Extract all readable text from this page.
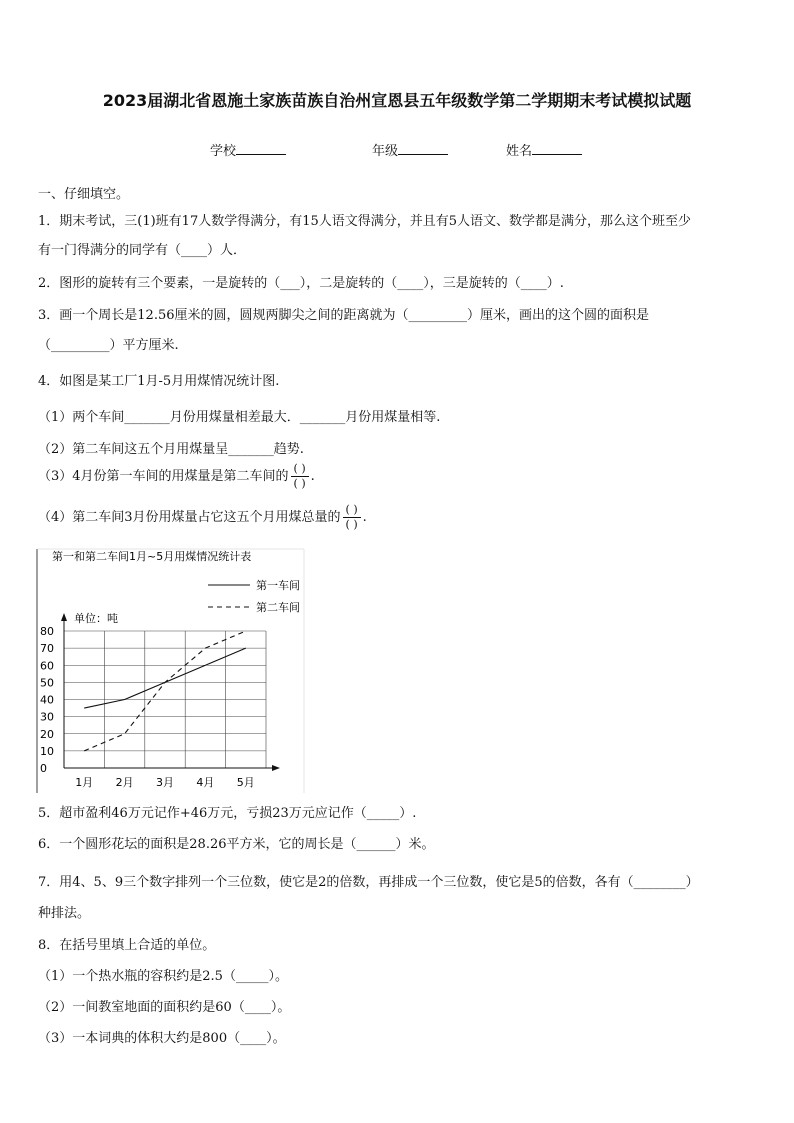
2023届湖北省恩施土家族苗族自治州宣恩县五年级数学第二学期期末考试模拟试题
学校	年级	姓名
一、仔细填空。
1．期末考试，三(1)班有17人数学得满分，有15人语文得满分，并且有5人语文、数学都是满分，那么这个班至少
有一门得满分的同学有（____）人．
2．图形的旋转有三个要素，一是旋转的（___），二是旋转的（____），三是旋转的（____）.
3．画一个周长是12.56厘米的圆，圆规两脚尖之间的距离就为（_________）厘米，画出的这个圆的面积是
（_________）平方厘米.
4．如图是某工厂1月-5月用煤情况统计图.
（1）两个车间_______月份用煤量相差最大．_______月份用煤量相等.
（2）第二车间这五个月用煤量呈_______趋势.
（3）4月份第一车间的用煤量是第二车间的 $\frac{( )}{( )}$ .
（4）第二车间3月份用煤量占它这五个月用煤总量的 $\frac{( )}{( )}$ .
第一和第二车间1月~5月用煤情况统计表
单位：吨
第一车间
第二车间
0
10
20
30
40
50
60
70
80
1月 2月 3月 4月 5月
5．超市盈利46万元记作+46万元，亏损23万元应记作（_____）.
6．一个圆形花坛的面积是28.26平方米，它的周长是（______）米。
7．用4、5、9三个数字排列一个三位数，使它是2的倍数，再排成一个三位数，使它是5的倍数，各有（________）
种排法。
8．在括号里填上合适的单位。
（1）一个热水瓶的容积约是2.5（_____）。
（2）一间教室地面的面积约是60（____）。
（3）一本词典的体积大约是800（____）。
